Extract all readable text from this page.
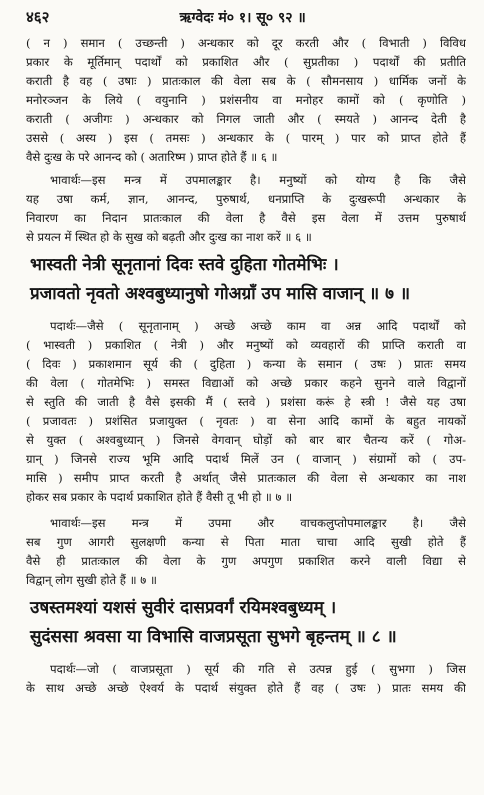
४६२	ऋग्वेदः मं० १। सू० ९२ ॥
( न ) समान ( उच्छन्ती ) अन्धकार को दूर करती और ( विभाती ) विविध
प्रकार के मूर्तिमान् पदार्थों को प्रकाशित और ( सुप्रतीका ) पदार्थों की प्रतीति
कराती है वह ( उषाः ) प्रातःकाल की वेला सब के ( सौमनसाय ) धार्मिक जनों के
मनोरञ्जन के लिये ( वयुनानि ) प्रशंसनीय वा मनोहर कामों को ( कृणोति )
कराती ( अजीगः ) अन्धकार को निगल जाती और ( स्मयते ) आनन्द देती है
उससे ( अस्य ) इस ( तमसः ) अन्धकार के ( पारम् ) पार को प्राप्त होते हैं
वैसे दुःख के परे आनन्द को ( अतारिष्म ) प्राप्त होते हैं ॥ ६ ॥
भावार्थः—इस मन्त्र में उपमालङ्कार है। मनुष्यों को योग्य है कि जैसे
यह उषा कर्म, ज्ञान, आनन्द, पुरुषार्थ, धनप्राप्ति के दुःखरूपी अन्धकार के
निवारण का निदान प्रातःकाल की वेला है वैसे इस वेला में उत्तम पुरुषार्थ
से प्रयत्न में स्थित हो के सुख को बढ़ती और दुःख का नाश करें ॥ ६ ॥
भास्वती नेत्री सूनृतानां दिवः स्तवे दुहिता गोतमेभिः ।
प्रजावतो नृवतो अश्वबुध्यानुषो गोअग्राँ उप मासि वाजान् ॥ ७ ॥
पदार्थः—जैसे ( सूनृतानाम् ) अच्छे अच्छे काम वा अन्न आदि पदार्थों को
( भास्वती ) प्रकाशित ( नेत्री ) और मनुष्यों को व्यवहारों की प्राप्ति कराती वा
( दिवः ) प्रकाशमान सूर्य की ( दुहिता ) कन्या के समान ( उषः ) प्रातः समय
की वेला ( गोतमेभिः ) समस्त विद्याओं को अच्छे प्रकार कहने सुनने वाले विद्वानों
से स्तुति की जाती है वैसे इसकी मैं ( स्तवे ) प्रशंसा करूं हे स्त्री ! जैसे यह उषा
( प्रजावतः ) प्रशंसित प्रजायुक्त ( नृवतः ) वा सेना आदि कामों के बहुत नायकों
से युक्त ( अश्वबुध्यान् ) जिनसे वेगवान् घोड़ों को बार बार चैतन्य करें ( गोअ-
ग्रान् ) जिनसे राज्य भूमि आदि पदार्थ मिलें उन ( वाजान् ) संग्रामों को ( उप-
मासि ) समीप प्राप्त करती है अर्थात् जैसे प्रातःकाल की वेला से अन्धकार का नाश
होकर सब प्रकार के पदार्थ प्रकाशित होते हैं वैसी तू भी हो ॥ ७ ॥
भावार्थः—इस मन्त्र में उपमा और वाचकलुप्तोपमालङ्कार है। जैसे
सब गुण आगरी सुलक्षणी कन्या से पिता माता चाचा आदि सुखी होते हैं
वैसे ही प्रातःकाल की वेला के गुण अपगुण प्रकाशित करने वाली विद्या से
विद्वान् लोग सुखी होते हैं ॥ ७ ॥
उषस्तमश्यां यशसं सुवीरं दासप्रवर्गं रयिमश्वबुध्यम् ।
सुदंससा श्रवसा या विभासि वाजप्रसूता सुभगे बृहन्तम् ॥ ८ ॥
पदार्थः—जो ( वाजप्रसूता ) सूर्य की गति से उत्पन्न हुई ( सुभगा ) जिस
के साथ अच्छे अच्छे ऐश्वर्य के पदार्थ संयुक्त होते हैं वह ( उषः ) प्रातः समय की
